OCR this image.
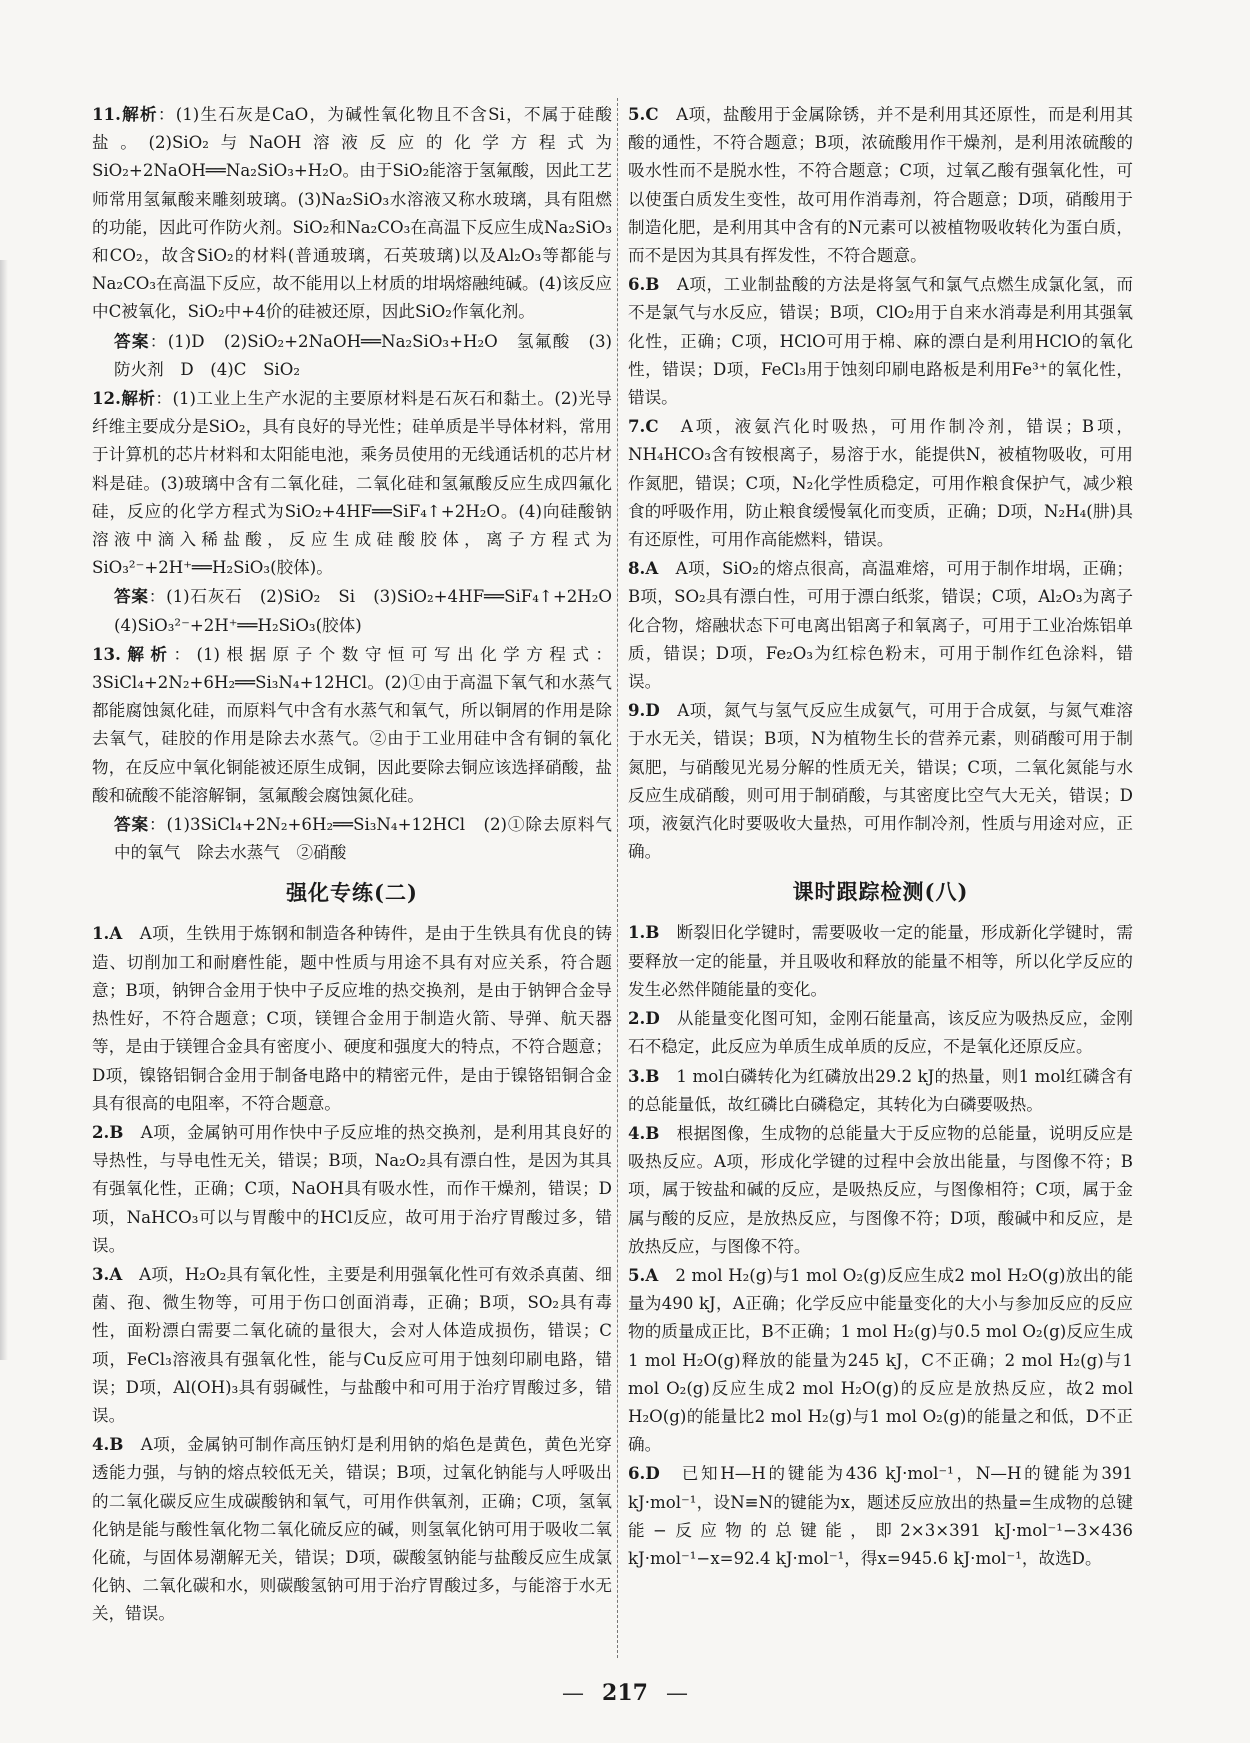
11.解析：(1)生石灰是CaO，为碱性氧化物且不含Si，不属于硅酸盐。(2)SiO₂与NaOH溶液反应的化学方程式为SiO₂+2NaOH══Na₂SiO₃+H₂O。由于SiO₂能溶于氢氟酸，因此工艺师常用氢氟酸来雕刻玻璃。(3)Na₂SiO₃水溶液又称水玻璃，具有阻燃的功能，因此可作防火剂。SiO₂和Na₂CO₃在高温下反应生成Na₂SiO₃和CO₂，故含SiO₂的材料(普通玻璃，石英玻璃)以及Al₂O₃等都能与Na₂CO₃在高温下反应，故不能用以上材质的坩埚熔融纯碱。(4)该反应中C被氧化，SiO₂中+4价的硅被还原，因此SiO₂作氧化剂。

答案：(1)D　(2)SiO₂+2NaOH══Na₂SiO₃+H₂O　氢氟酸　(3)防火剂　D　(4)C　SiO₂

12.解析：(1)工业上生产水泥的主要原材料是石灰石和黏土。(2)光导纤维主要成分是SiO₂，具有良好的导光性；硅单质是半导体材料，常用于计算机的芯片材料和太阳能电池，乘务员使用的无线通话机的芯片材料是硅。(3)玻璃中含有二氧化硅，二氧化硅和氢氟酸反应生成四氟化硅，反应的化学方程式为SiO₂+4HF══SiF₄↑+2H₂O。(4)向硅酸钠溶液中滴入稀盐酸，反应生成硅酸胶体，离子方程式为SiO₃²⁻+2H⁺══H₂SiO₃(胶体)。

答案：(1)石灰石　(2)SiO₂　Si　(3)SiO₂+4HF══SiF₄↑+2H₂O　(4)SiO₃²⁻+2H⁺══H₂SiO₃(胶体)

13.解析：(1)根据原子个数守恒可写出化学方程式：3SiCl₄+2N₂+6H₂══Si₃N₄+12HCl。(2)①由于高温下氧气和水蒸气都能腐蚀氮化硅，而原料气中含有水蒸气和氧气，所以铜屑的作用是除去氧气，硅胶的作用是除去水蒸气。②由于工业用硅中含有铜的氧化物，在反应中氧化铜能被还原生成铜，因此要除去铜应该选择硝酸，盐酸和硫酸不能溶解铜，氢氟酸会腐蚀氮化硅。

答案：(1)3SiCl₄+2N₂+6H₂══Si₃N₄+12HCl　(2)①除去原料气中的氧气　除去水蒸气　②硝酸

强化专练(二)

1.A　A项，生铁用于炼钢和制造各种铸件，是由于生铁具有优良的铸造、切削加工和耐磨性能，题中性质与用途不具有对应关系，符合题意；B项，钠钾合金用于快中子反应堆的热交换剂，是由于钠钾合金导热性好，不符合题意；C项，镁锂合金用于制造火箭、导弹、航天器等，是由于镁锂合金具有密度小、硬度和强度大的特点，不符合题意；D项，镍铬铝铜合金用于制备电路中的精密元件，是由于镍铬铝铜合金具有很高的电阻率，不符合题意。

2.B　A项，金属钠可用作快中子反应堆的热交换剂，是利用其良好的导热性，与导电性无关，错误；B项，Na₂O₂具有漂白性，是因为其具有强氧化性，正确；C项，NaOH具有吸水性，而作干燥剂，错误；D项，NaHCO₃可以与胃酸中的HCl反应，故可用于治疗胃酸过多，错误。

3.A　A项，H₂O₂具有氧化性，主要是利用强氧化性可有效杀真菌、细菌、孢、微生物等，可用于伤口创面消毒，正确；B项，SO₂具有毒性，面粉漂白需要二氧化硫的量很大，会对人体造成损伤，错误；C项，FeCl₃溶液具有强氧化性，能与Cu反应可用于蚀刻印刷电路，错误；D项，Al(OH)₃具有弱碱性，与盐酸中和可用于治疗胃酸过多，错误。

4.B　A项，金属钠可制作高压钠灯是利用钠的焰色是黄色，黄色光穿透能力强，与钠的熔点较低无关，错误；B项，过氧化钠能与人呼吸出的二氧化碳反应生成碳酸钠和氧气，可用作供氧剂，正确；C项，氢氧化钠是能与酸性氧化物二氧化硫反应的碱，则氢氧化钠可用于吸收二氧化硫，与固体易潮解无关，错误；D项，碳酸氢钠能与盐酸反应生成氯化钠、二氧化碳和水，则碳酸氢钠可用于治疗胃酸过多，与能溶于水无关，错误。

5.C　A项，盐酸用于金属除锈，并不是利用其还原性，而是利用其酸的通性，不符合题意；B项，浓硫酸用作干燥剂，是利用浓硫酸的吸水性而不是脱水性，不符合题意；C项，过氧乙酸有强氧化性，可以使蛋白质发生变性，故可用作消毒剂，符合题意；D项，硝酸用于制造化肥，是利用其中含有的N元素可以被植物吸收转化为蛋白质，而不是因为其具有挥发性，不符合题意。

6.B　A项，工业制盐酸的方法是将氢气和氯气点燃生成氯化氢，而不是氯气与水反应，错误；B项，ClO₂用于自来水消毒是利用其强氧化性，正确；C项，HClO可用于棉、麻的漂白是利用HClO的氧化性，错误；D项，FeCl₃用于蚀刻印刷电路板是利用Fe³⁺的氧化性，错误。

7.C　A项，液氨汽化时吸热，可用作制冷剂，错误；B项，NH₄HCO₃含有铵根离子，易溶于水，能提供N，被植物吸收，可用作氮肥，错误；C项，N₂化学性质稳定，可用作粮食保护气，减少粮食的呼吸作用，防止粮食缓慢氧化而变质，正确；D项，N₂H₄(肼)具有还原性，可用作高能燃料，错误。

8.A　A项，SiO₂的熔点很高，高温难熔，可用于制作坩埚，正确；B项，SO₂具有漂白性，可用于漂白纸浆，错误；C项，Al₂O₃为离子化合物，熔融状态下可电离出铝离子和氧离子，可用于工业冶炼铝单质，错误；D项，Fe₂O₃为红棕色粉末，可用于制作红色涂料，错误。

9.D　A项，氮气与氢气反应生成氨气，可用于合成氨，与氮气难溶于水无关，错误；B项，N为植物生长的营养元素，则硝酸可用于制氮肥，与硝酸见光易分解的性质无关，错误；C项，二氧化氮能与水反应生成硝酸，则可用于制硝酸，与其密度比空气大无关，错误；D项，液氨汽化时要吸收大量热，可用作制冷剂，性质与用途对应，正确。

课时跟踪检测(八)

1.B　断裂旧化学键时，需要吸收一定的能量，形成新化学键时，需要释放一定的能量，并且吸收和释放的能量不相等，所以化学反应的发生必然伴随能量的变化。

2.D　从能量变化图可知，金刚石能量高，该反应为吸热反应，金刚石不稳定，此反应为单质生成单质的反应，不是氧化还原反应。

3.B　1 mol白磷转化为红磷放出29.2 kJ的热量，则1 mol红磷含有的总能量低，故红磷比白磷稳定，其转化为白磷要吸热。

4.B　根据图像，生成物的总能量大于反应物的总能量，说明反应是吸热反应。A项，形成化学键的过程中会放出能量，与图像不符；B项，属于铵盐和碱的反应，是吸热反应，与图像相符；C项，属于金属与酸的反应，是放热反应，与图像不符；D项，酸碱中和反应，是放热反应，与图像不符。

5.A　2 mol H₂(g)与1 mol O₂(g)反应生成2 mol H₂O(g)放出的能量为490 kJ，A正确；化学反应中能量变化的大小与参加反应的反应物的质量成正比，B不正确；1 mol H₂(g)与0.5 mol O₂(g)反应生成1 mol H₂O(g)释放的能量为245 kJ，C不正确；2 mol H₂(g)与1 mol O₂(g)反应生成2 mol H₂O(g)的反应是放热反应，故2 mol H₂O(g)的能量比2 mol H₂(g)与1 mol O₂(g)的能量之和低，D不正确。

6.D　已知H—H的键能为436 kJ·mol⁻¹，N—H的键能为391 kJ·mol⁻¹，设N≡N的键能为x，题述反应放出的热量=生成物的总键能−反应物的总键能，即2×3×391 kJ·mol⁻¹−3×436 kJ·mol⁻¹−x=92.4 kJ·mol⁻¹，得x=945.6 kJ·mol⁻¹，故选D。

— 217 —
